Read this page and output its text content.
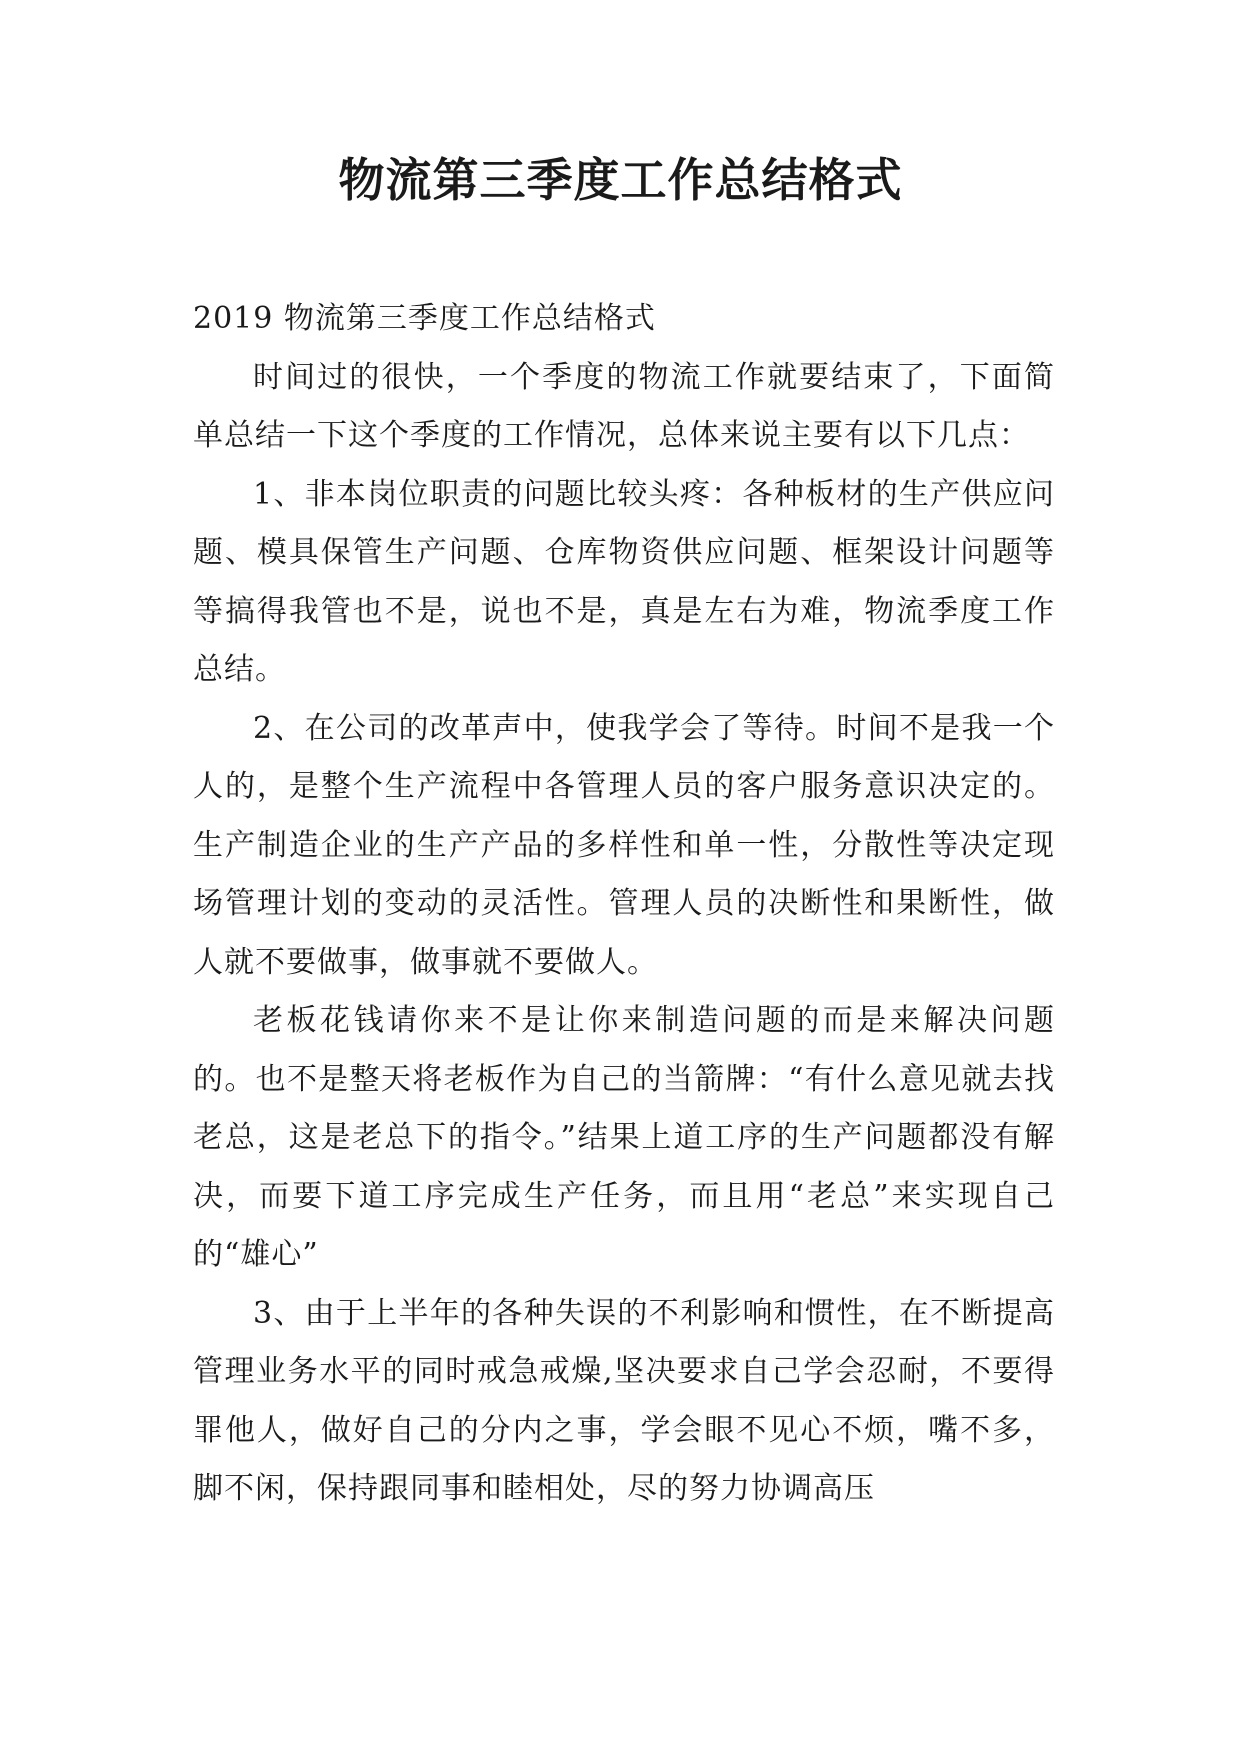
物流第三季度工作总结格式

2019 物流第三季度工作总结格式

时间过的很快，一个季度的物流工作就要结束了，下面简单总结一下这个季度的工作情况，总体来说主要有以下几点：

1、非本岗位职责的问题比较头疼：各种板材的生产供应问题、模具保管生产问题、仓库物资供应问题、框架设计问题等等搞得我管也不是，说也不是，真是左右为难，物流季度工作总结。

2、在公司的改革声中，使我学会了等待。时间不是我一个人的，是整个生产流程中各管理人员的客户服务意识决定的。生产制造企业的生产产品的多样性和单一性，分散性等决定现场管理计划的变动的灵活性。管理人员的决断性和果断性，做人就不要做事，做事就不要做人。

老板花钱请你来不是让你来制造问题的而是来解决问题的。也不是整天将老板作为自己的当箭牌：“有什么意见就去找老总，这是老总下的指令。”结果上道工序的生产问题都没有解决，而要下道工序完成生产任务，而且用“老总”来实现自己的“雄心”

3、由于上半年的各种失误的不利影响和惯性，在不断提高管理业务水平的同时戒急戒燥,坚决要求自己学会忍耐，不要得罪他人，做好自己的分内之事，学会眼不见心不烦，嘴不多，脚不闲，保持跟同事和睦相处，尽的努力协调高压
